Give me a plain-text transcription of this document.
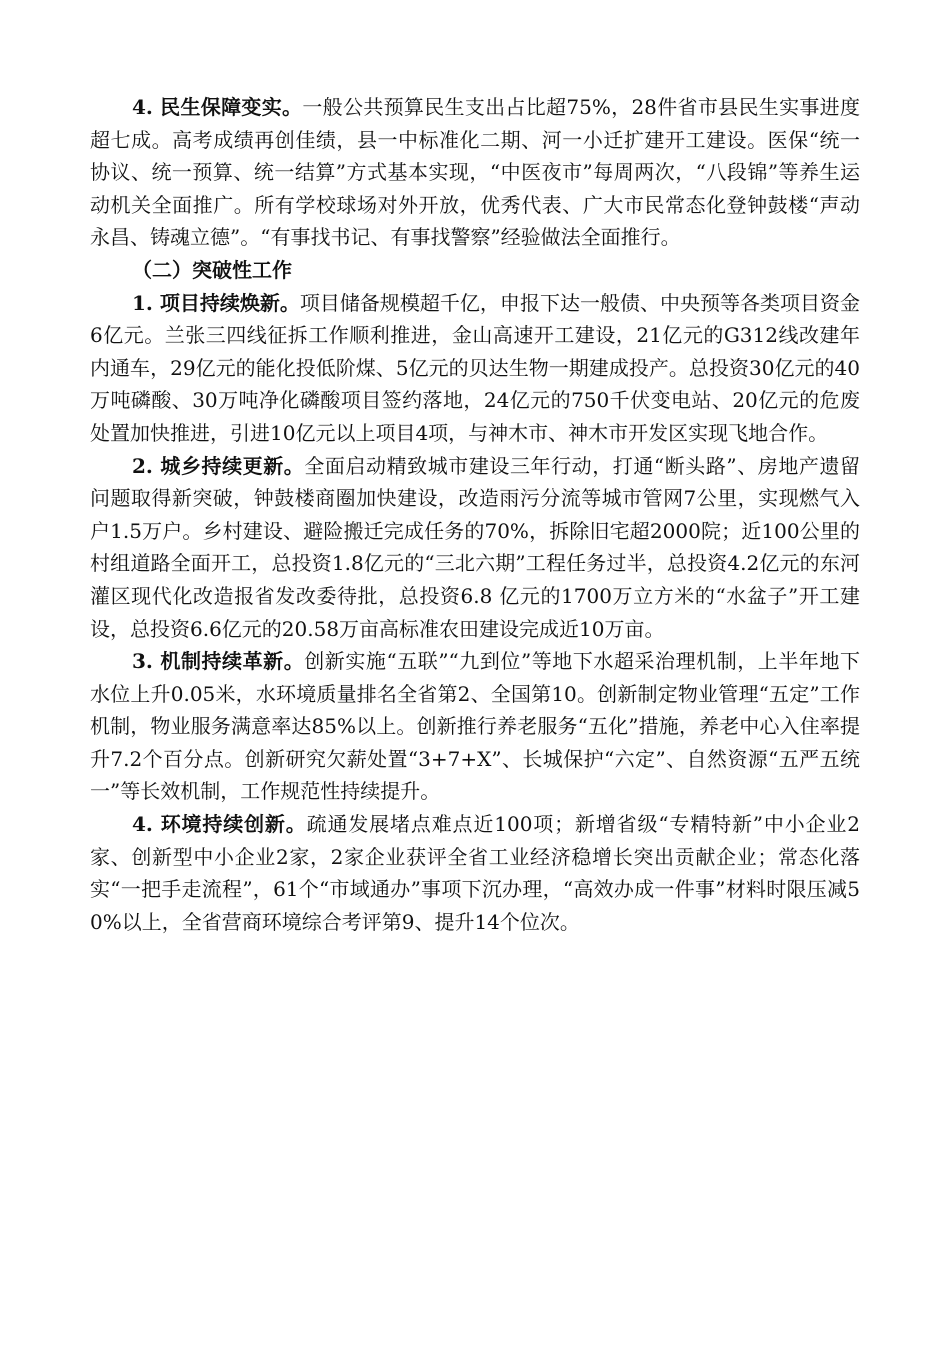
4. 民生保障变实。一般公共预算民生支出占比超75%，28件省市县民生实事进度超七成。高考成绩再创佳绩，县一中标准化二期、河一小迁扩建开工建设。医保“统一协议、统一预算、统一结算”方式基本实现，“中医夜市”每周两次，“八段锦”等养生运动机关全面推广。所有学校球场对外开放，优秀代表、广大市民常态化登钟鼓楼“声动永昌、铸魂立德”。“有事找书记、有事找警察”经验做法全面推行。

（二）突破性工作

1. 项目持续焕新。项目储备规模超千亿，申报下达一般债、中央预等各类项目资金6亿元。兰张三四线征拆工作顺利推进，金山高速开工建设，21亿元的G312线改建年内通车，29亿元的能化投低阶煤、5亿元的贝达生物一期建成投产。总投资30亿元的40万吨磷酸、30万吨净化磷酸项目签约落地，24亿元的750千伏变电站、20亿元的危废处置加快推进，引进10亿元以上项目4项，与神木市、神木市开发区实现飞地合作。

2. 城乡持续更新。全面启动精致城市建设三年行动，打通“断头路”、房地产遗留问题取得新突破，钟鼓楼商圈加快建设，改造雨污分流等城市管网7公里，实现燃气入户1.5万户。乡村建设、避险搬迁完成任务的70%，拆除旧宅超2000院；近100公里的村组道路全面开工，总投资1.8亿元的“三北六期”工程任务过半，总投资4.2亿元的东河灌区现代化改造报省发改委待批，总投资6.8 亿元的1700万立方米的“水盆子”开工建设，总投资6.6亿元的20.58万亩高标准农田建设完成近10万亩。

3. 机制持续革新。创新实施“五联”“九到位”等地下水超采治理机制，上半年地下水位上升0.05米，水环境质量排名全省第2、全国第10。创新制定物业管理“五定”工作机制，物业服务满意率达85%以上。创新推行养老服务“五化”措施，养老中心入住率提升7.2个百分点。创新研究欠薪处置“3+7+X”、长城保护“六定”、自然资源“五严五统一”等长效机制，工作规范性持续提升。

4. 环境持续创新。疏通发展堵点难点近100项；新增省级“专精特新”中小企业2家、创新型中小企业2家，2家企业获评全省工业经济稳增长突出贡献企业；常态化落实“一把手走流程”，61个“市域通办”事项下沉办理，“高效办成一件事”材料时限压减50%以上，全省营商环境综合考评第9、提升14个位次。
